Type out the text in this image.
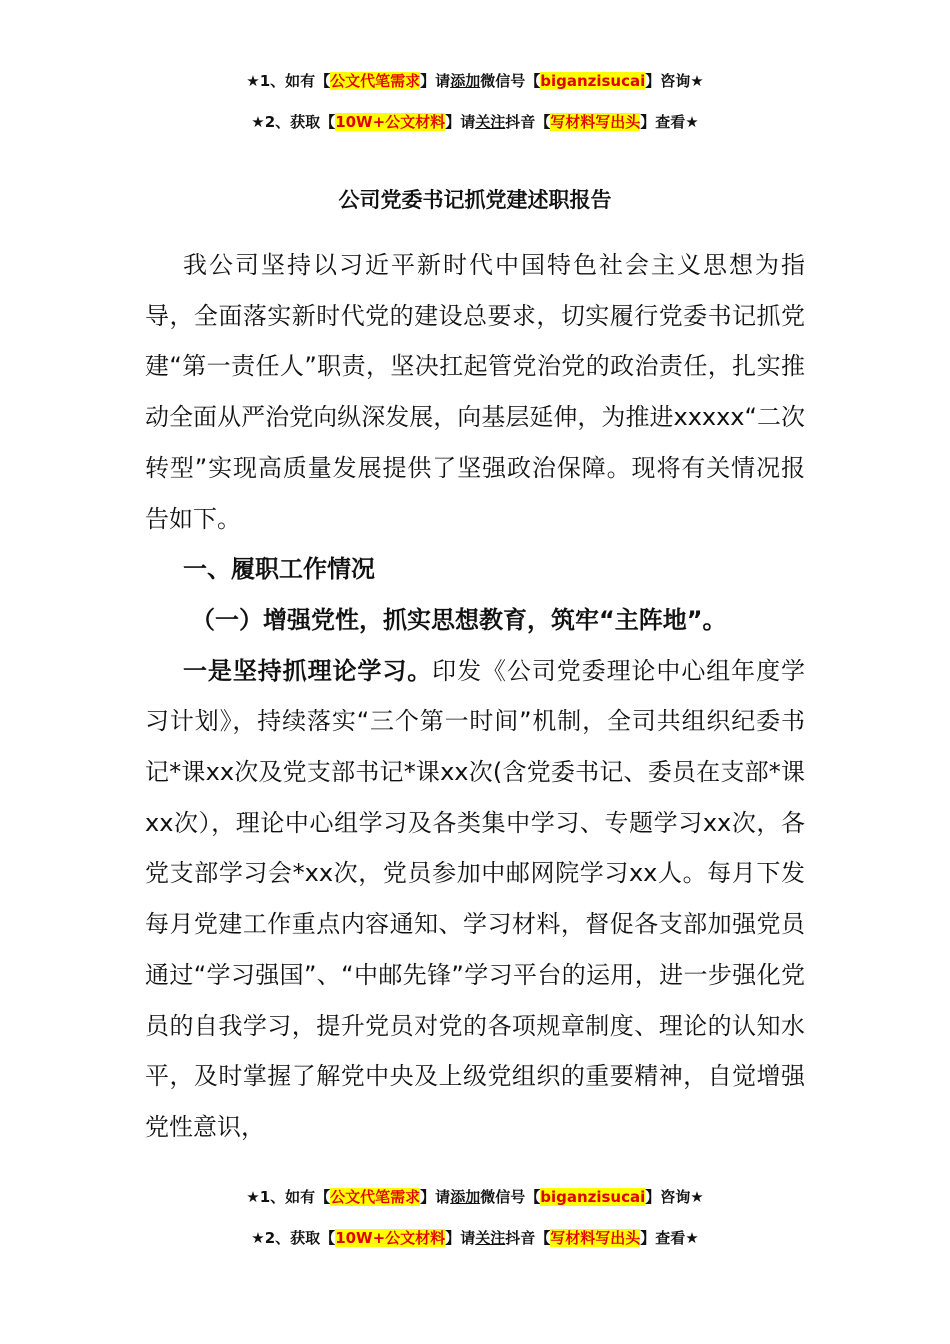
★1、如有【公文代笔需求】请添加微信号【biganzisucai】咨询★
★2、获取【10W+公文材料】请关注抖音【写材料写出头】查看★
公司党委书记抓党建述职报告

我公司坚持以习近平新时代中国特色社会主义思想为指导，全面落实新时代党的建设总要求，切实履行党委书记抓党建“第一责任人”职责，坚决扛起管党治党的政治责任，扎实推动全面从严治党向纵深发展，向基层延伸，为推进xxxxx“二次转型”实现高质量发展提供了坚强政治保障。现将有关情况报告如下。

一、履职工作情况
（一）增强党性，抓实思想教育，筑牢“主阵地”。

一是坚持抓理论学习。印发《公司党委理论中心组年度学习计划》，持续落实“三个第一时间”机制，全司共组织纪委书记*课xx次及党支部书记*课xx次(含党委书记、委员在支部*课xx次），理论中心组学习及各类集中学习、专题学习xx次，各党支部学习会*xx次，党员参加中邮网院学习xx人。每月下发每月党建工作重点内容通知、学习材料，督促各支部加强党员通过“学习强国”、“中邮先锋”学习平台的运用，进一步强化党员的自我学习，提升党员对党的各项规章制度、理论的认知水平，及时掌握了解党中央及上级党组织的重要精神，自觉增强党性意识，

★1、如有【公文代笔需求】请添加微信号【biganzisucai】咨询★
★2、获取【10W+公文材料】请关注抖音【写材料写出头】查看★
